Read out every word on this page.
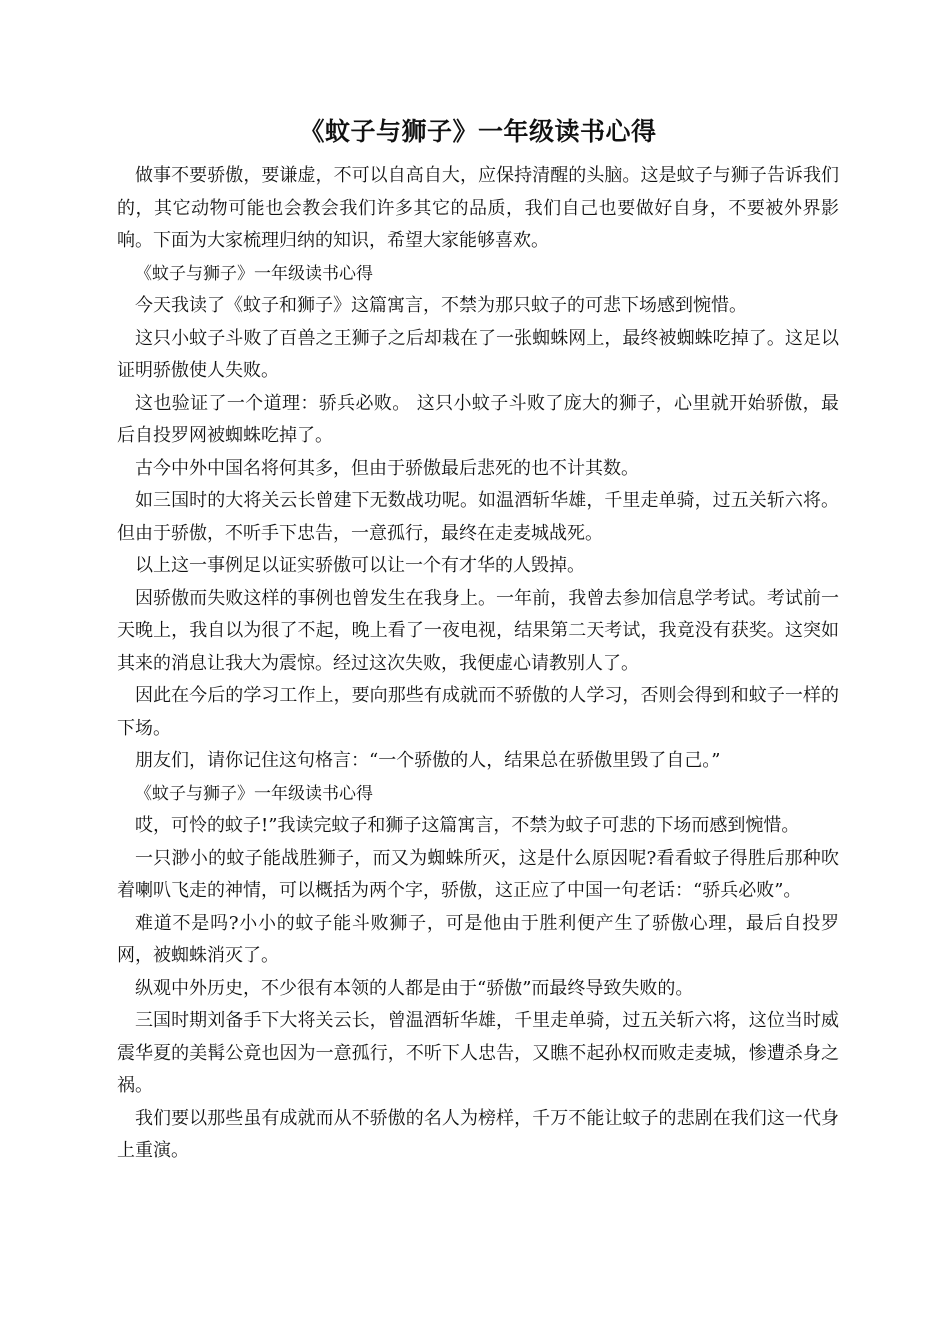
《蚊子与狮子》一年级读书心得

做事不要骄傲，要谦虚，不可以自高自大，应保持清醒的头脑。这是蚊子与狮子告诉我们的，其它动物可能也会教会我们许多其它的品质，我们自己也要做好自身，不要被外界影响。下面为大家梳理归纳的知识，希望大家能够喜欢。

《蚊子与狮子》一年级读书心得

今天我读了《蚊子和狮子》这篇寓言，不禁为那只蚊子的可悲下场感到惋惜。

这只小蚊子斗败了百兽之王狮子之后却栽在了一张蜘蛛网上，最终被蜘蛛吃掉了。这足以证明骄傲使人失败。

这也验证了一个道理：骄兵必败。 这只小蚊子斗败了庞大的狮子，心里就开始骄傲，最后自投罗网被蜘蛛吃掉了。

古今中外中国名将何其多，但由于骄傲最后悲死的也不计其数。

如三国时的大将关云长曾建下无数战功呢。如温酒斩华雄，千里走单骑，过五关斩六将。但由于骄傲，不听手下忠告，一意孤行，最终在走麦城战死。

以上这一事例足以证实骄傲可以让一个有才华的人毁掉。

因骄傲而失败这样的事例也曾发生在我身上。一年前，我曾去参加信息学考试。考试前一天晚上，我自以为很了不起，晚上看了一夜电视，结果第二天考试，我竟没有获奖。这突如其来的消息让我大为震惊。经过这次失败，我便虚心请教别人了。

因此在今后的学习工作上，要向那些有成就而不骄傲的人学习，否则会得到和蚊子一样的下场。

朋友们，请你记住这句格言：“一个骄傲的人，结果总在骄傲里毁了自己。”

《蚊子与狮子》一年级读书心得

哎，可怜的蚊子!”我读完蚊子和狮子这篇寓言，不禁为蚊子可悲的下场而感到惋惜。

一只渺小的蚊子能战胜狮子，而又为蜘蛛所灭，这是什么原因呢?看看蚊子得胜后那种吹着喇叭飞走的神情，可以概括为两个字，骄傲，这正应了中国一句老话：“骄兵必败”。

难道不是吗?小小的蚊子能斗败狮子，可是他由于胜利便产生了骄傲心理，最后自投罗网，被蜘蛛消灭了。

纵观中外历史，不少很有本领的人都是由于“骄傲”而最终导致失败的。

三国时期刘备手下大将关云长，曾温酒斩华雄，千里走单骑，过五关斩六将，这位当时威震华夏的美髯公竟也因为一意孤行，不听下人忠告，又瞧不起孙权而败走麦城，惨遭杀身之祸。

我们要以那些虽有成就而从不骄傲的名人为榜样，千万不能让蚊子的悲剧在我们这一代身上重演。
